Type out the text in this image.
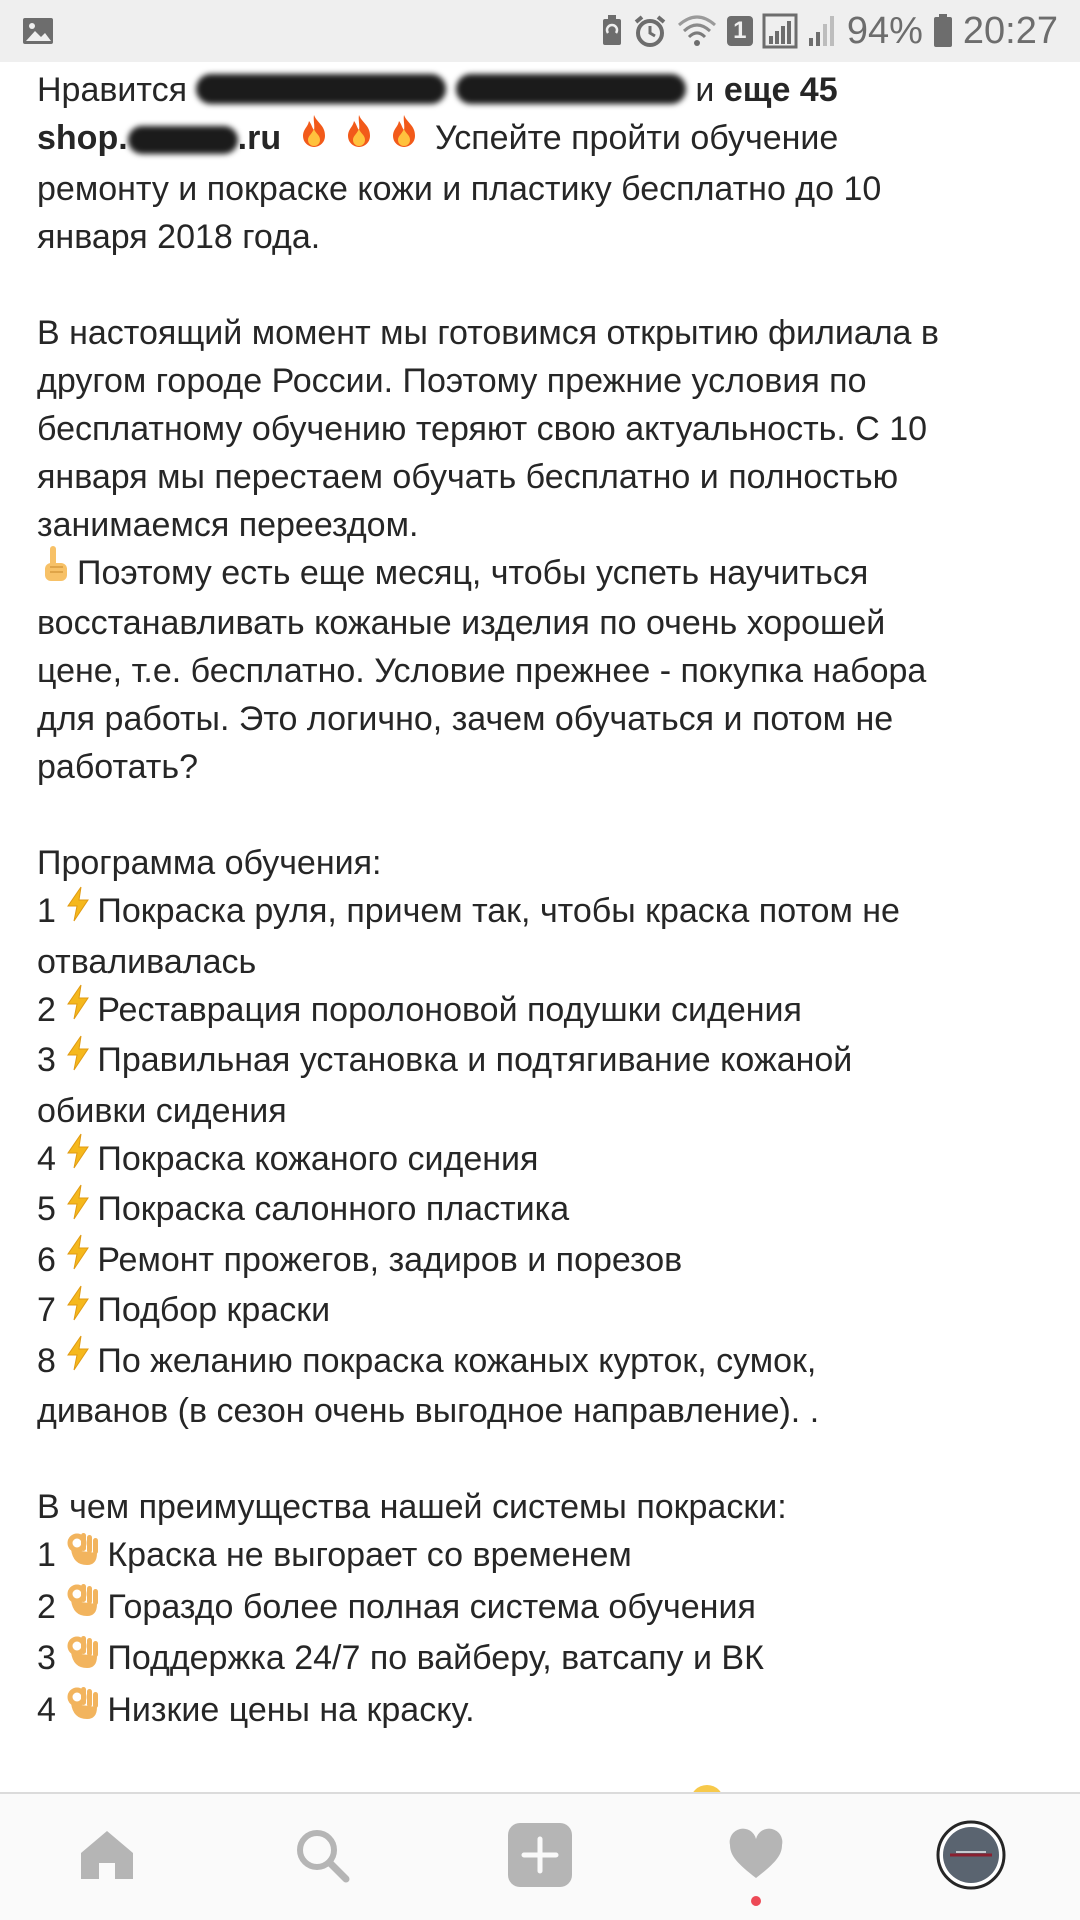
1	94% 20:27
Нравится	и еще 45
shop.	.ru	Успейте пройти обучение
ремонту и покраске кожи и пластику бесплатно до 10
января 2018 года.
В настоящий момент мы готовимся открытию филиала в
другом городе России. Поэтому прежние условия по
бесплатному обучению теряют свою актуальность. С 10
января мы перестаем обучать бесплатно и полностью
занимаемся переездом.
Поэтому есть еще месяц, чтобы успеть научиться
восстанавливать кожаные изделия по очень хорошей
цене, т.е. бесплатно. Условие прежнее - покупка набора
для работы. Это логично, зачем обучаться и потом не
работать?
Программа обучения:
1 Покраска руля, причем так, чтобы краска потом не
отваливалась
2 Реставрация поролоновой подушки сидения
3 Правильная установка и подтягивание кожаной
обивки сидения
4 Покраска кожаного сидения
5 Покраска салонного пластика
6 Ремонт прожегов, задиров и порезов
7 Подбор краски
8 По желанию покраска кожаных курток, сумок,
диванов (в сезон очень выгодное направление). .
В чем преимущества нашей системы покраски:
1 Краска не выгорает со временем
2 Гораздо более полная система обучения
3 Поддержка 24/7 по вайберу, ватсапу и ВК
4 Низкие цены на краску.
